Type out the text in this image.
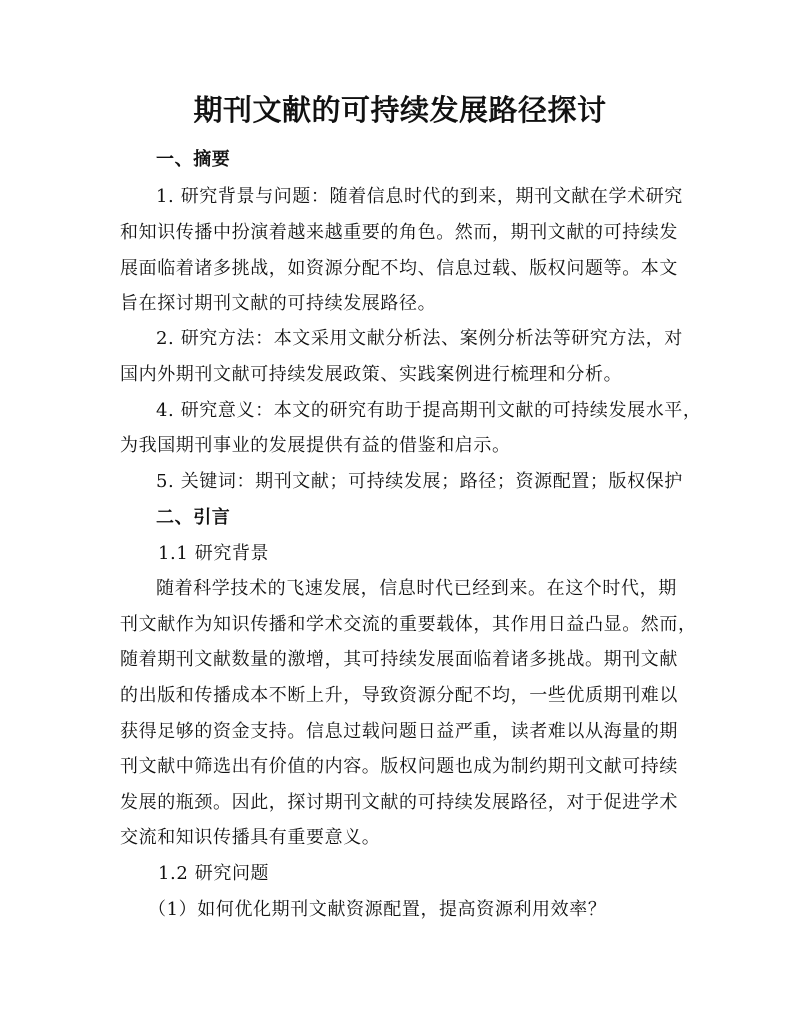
期刊文献的可持续发展路径探讨
一、摘要
1. 研究背景与问题：随着信息时代的到来，期刊文献在学术研究
和知识传播中扮演着越来越重要的角色。然而，期刊文献的可持续发
展面临着诸多挑战，如资源分配不均、信息过载、版权问题等。本文
旨在探讨期刊文献的可持续发展路径。
2. 研究方法：本文采用文献分析法、案例分析法等研究方法，对
国内外期刊文献可持续发展政策、实践案例进行梳理和分析。
4. 研究意义：本文的研究有助于提高期刊文献的可持续发展水平，
为我国期刊事业的发展提供有益的借鉴和启示。
5. 关键词：期刊文献；可持续发展；路径；资源配置；版权保护
二、引言
1.1 研究背景
随着科学技术的飞速发展，信息时代已经到来。在这个时代，期
刊文献作为知识传播和学术交流的重要载体，其作用日益凸显。然而，
随着期刊文献数量的激增，其可持续发展面临着诸多挑战。期刊文献
的出版和传播成本不断上升，导致资源分配不均，一些优质期刊难以
获得足够的资金支持。信息过载问题日益严重，读者难以从海量的期
刊文献中筛选出有价值的内容。版权问题也成为制约期刊文献可持续
发展的瓶颈。因此，探讨期刊文献的可持续发展路径，对于促进学术
交流和知识传播具有重要意义。
1.2 研究问题
（1）如何优化期刊文献资源配置，提高资源利用效率？
